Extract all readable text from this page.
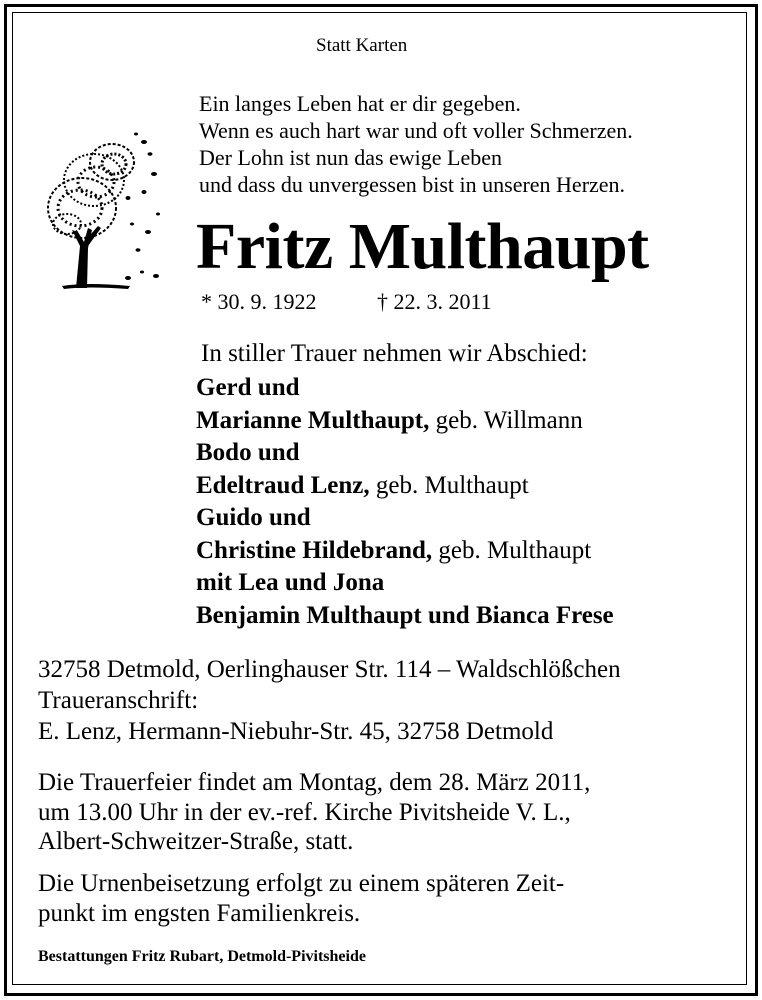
Statt Karten
Ein langes Leben hat er dir gegeben.
Wenn es auch hart war und oft voller Schmerzen.
Der Lohn ist nun das ewige Leben
und dass du unvergessen bist in unseren Herzen.
Fritz Multhaupt
* 30. 9. 1922	† 22. 3. 2011
In stiller Trauer nehmen wir Abschied:
Gerd und
Marianne Multhaupt, geb. Willmann
Bodo und
Edeltraud Lenz, geb. Multhaupt
Guido und
Christine Hildebrand, geb. Multhaupt
mit Lea und Jona
Benjamin Multhaupt und Bianca Frese
32758 Detmold, Oerlinghauser Str. 114 – Waldschlößchen
Traueranschrift:
E. Lenz, Hermann-Niebuhr-Str. 45, 32758 Detmold
Die Trauerfeier findet am Montag, dem 28. März 2011,
um 13.00 Uhr in der ev.-ref. Kirche Pivitsheide V. L.,
Albert-Schweitzer-Straße, statt.
Die Urnenbeisetzung erfolgt zu einem späteren Zeit-
punkt im engsten Familienkreis.
Bestattungen Fritz Rubart, Detmold-Pivitsheide
